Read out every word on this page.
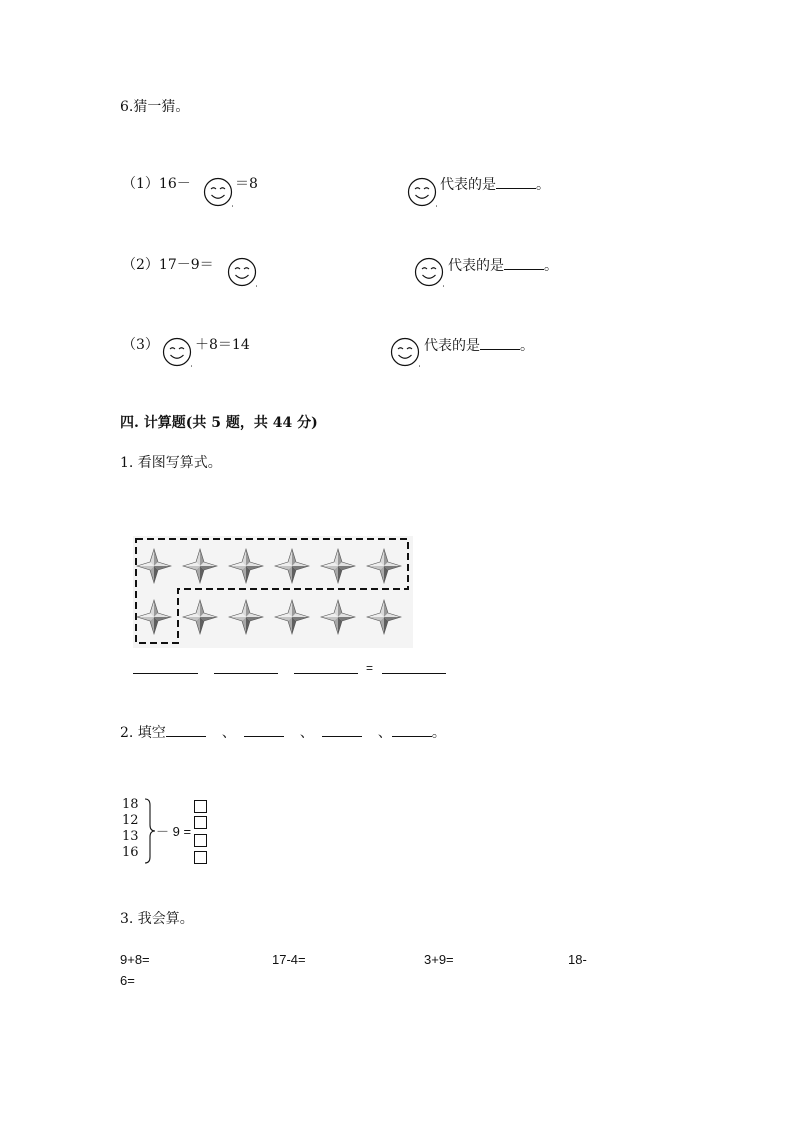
6.猜一猜。
（1）16－	＝8	代表的是	。
（2）17－9＝	代表的是	。
（3）	＋8＝14	代表的是	。
四. 计算题(共 5 题，共 44 分)
1. 看图写算式。
=
2. 填空	、	、	、	。
18
12
13
16
－ 9 =
3. 我会算。
9+8=	17-4=	3+9=	18-
6=
